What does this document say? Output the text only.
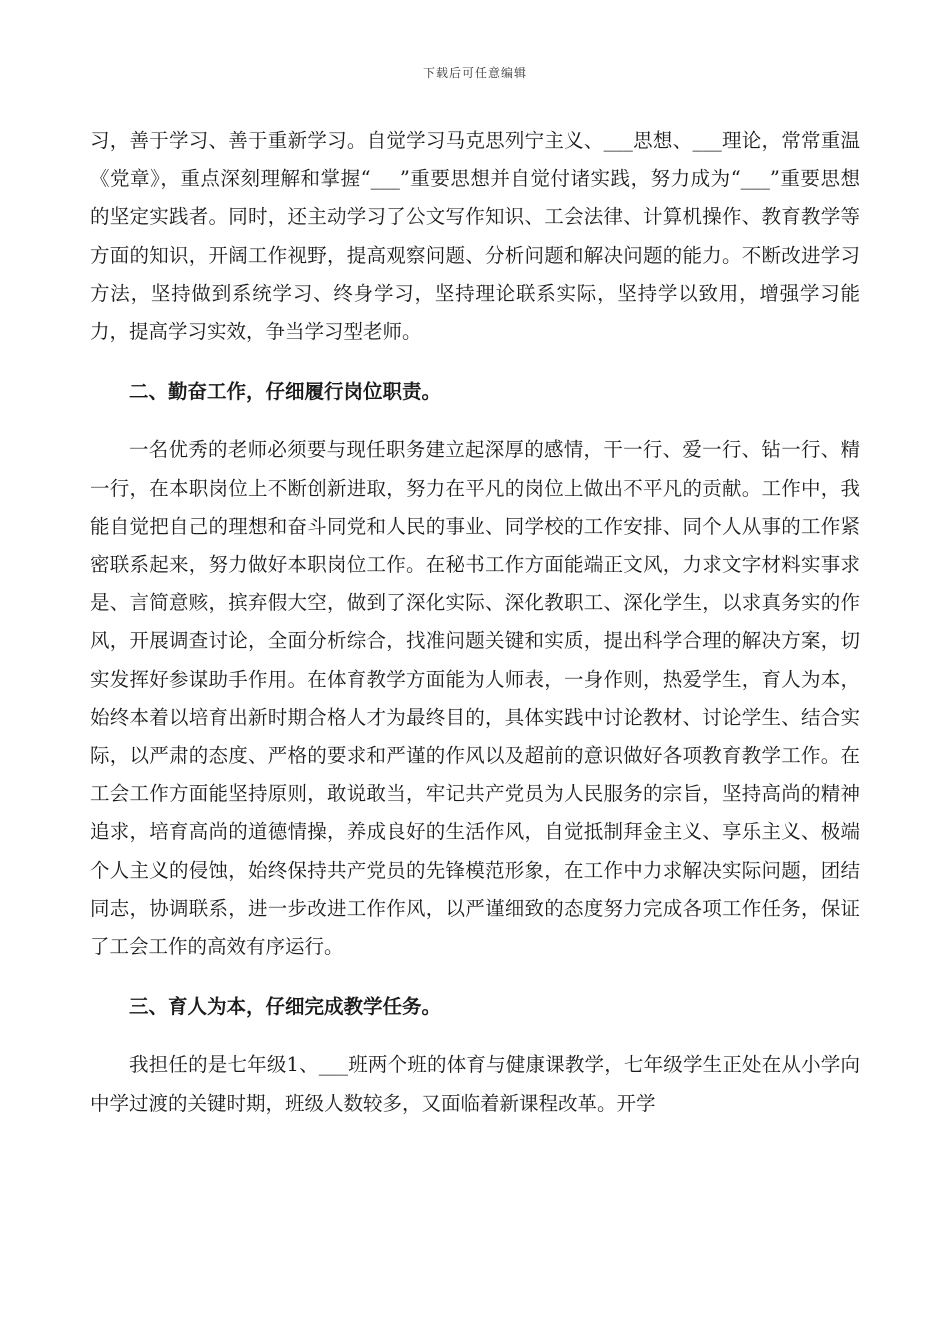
下载后可任意编辑

习，善于学习、善于重新学习。自觉学习马克思列宁主义、___思想、___理论，常常重温《党章》，重点深刻理解和掌握“___”重要思想并自觉付诸实践，努力成为“___”重要思想的坚定实践者。同时，还主动学习了公文写作知识、工会法律、计算机操作、教育教学等方面的知识，开阔工作视野，提高观察问题、分析问题和解决问题的能力。不断改进学习方法，坚持做到系统学习、终身学习，坚持理论联系实际，坚持学以致用，增强学习能力，提高学习实效，争当学习型老师。

二、勤奋工作，仔细履行岗位职责。

一名优秀的老师必须要与现任职务建立起深厚的感情，干一行、爱一行、钻一行、精一行，在本职岗位上不断创新进取，努力在平凡的岗位上做出不平凡的贡献。工作中，我能自觉把自己的理想和奋斗同党和人民的事业、同学校的工作安排、同个人从事的工作紧密联系起来，努力做好本职岗位工作。在秘书工作方面能端正文风，力求文字材料实事求是、言简意赅，摈弃假大空，做到了深化实际、深化教职工、深化学生，以求真务实的作风，开展调查讨论，全面分析综合，找准问题关键和实质，提出科学合理的解决方案，切实发挥好参谋助手作用。在体育教学方面能为人师表，一身作则，热爱学生，育人为本，始终本着以培育出新时期合格人才为最终目的，具体实践中讨论教材、讨论学生、结合实际，以严肃的态度、严格的要求和严谨的作风以及超前的意识做好各项教育教学工作。在工会工作方面能坚持原则，敢说敢当，牢记共产党员为人民服务的宗旨，坚持高尚的精神追求，培育高尚的道德情操，养成良好的生活作风，自觉抵制拜金主义、享乐主义、极端个人主义的侵蚀，始终保持共产党员的先锋模范形象，在工作中力求解决实际问题，团结同志，协调联系，进一步改进工作作风，以严谨细致的态度努力完成各项工作任务，保证了工会工作的高效有序运行。

三、育人为本，仔细完成教学任务。

我担任的是七年级1、___班两个班的体育与健康课教学，七年级学生正处在从小学向中学过渡的关键时期，班级人数较多，又面临着新课程改革。开学
